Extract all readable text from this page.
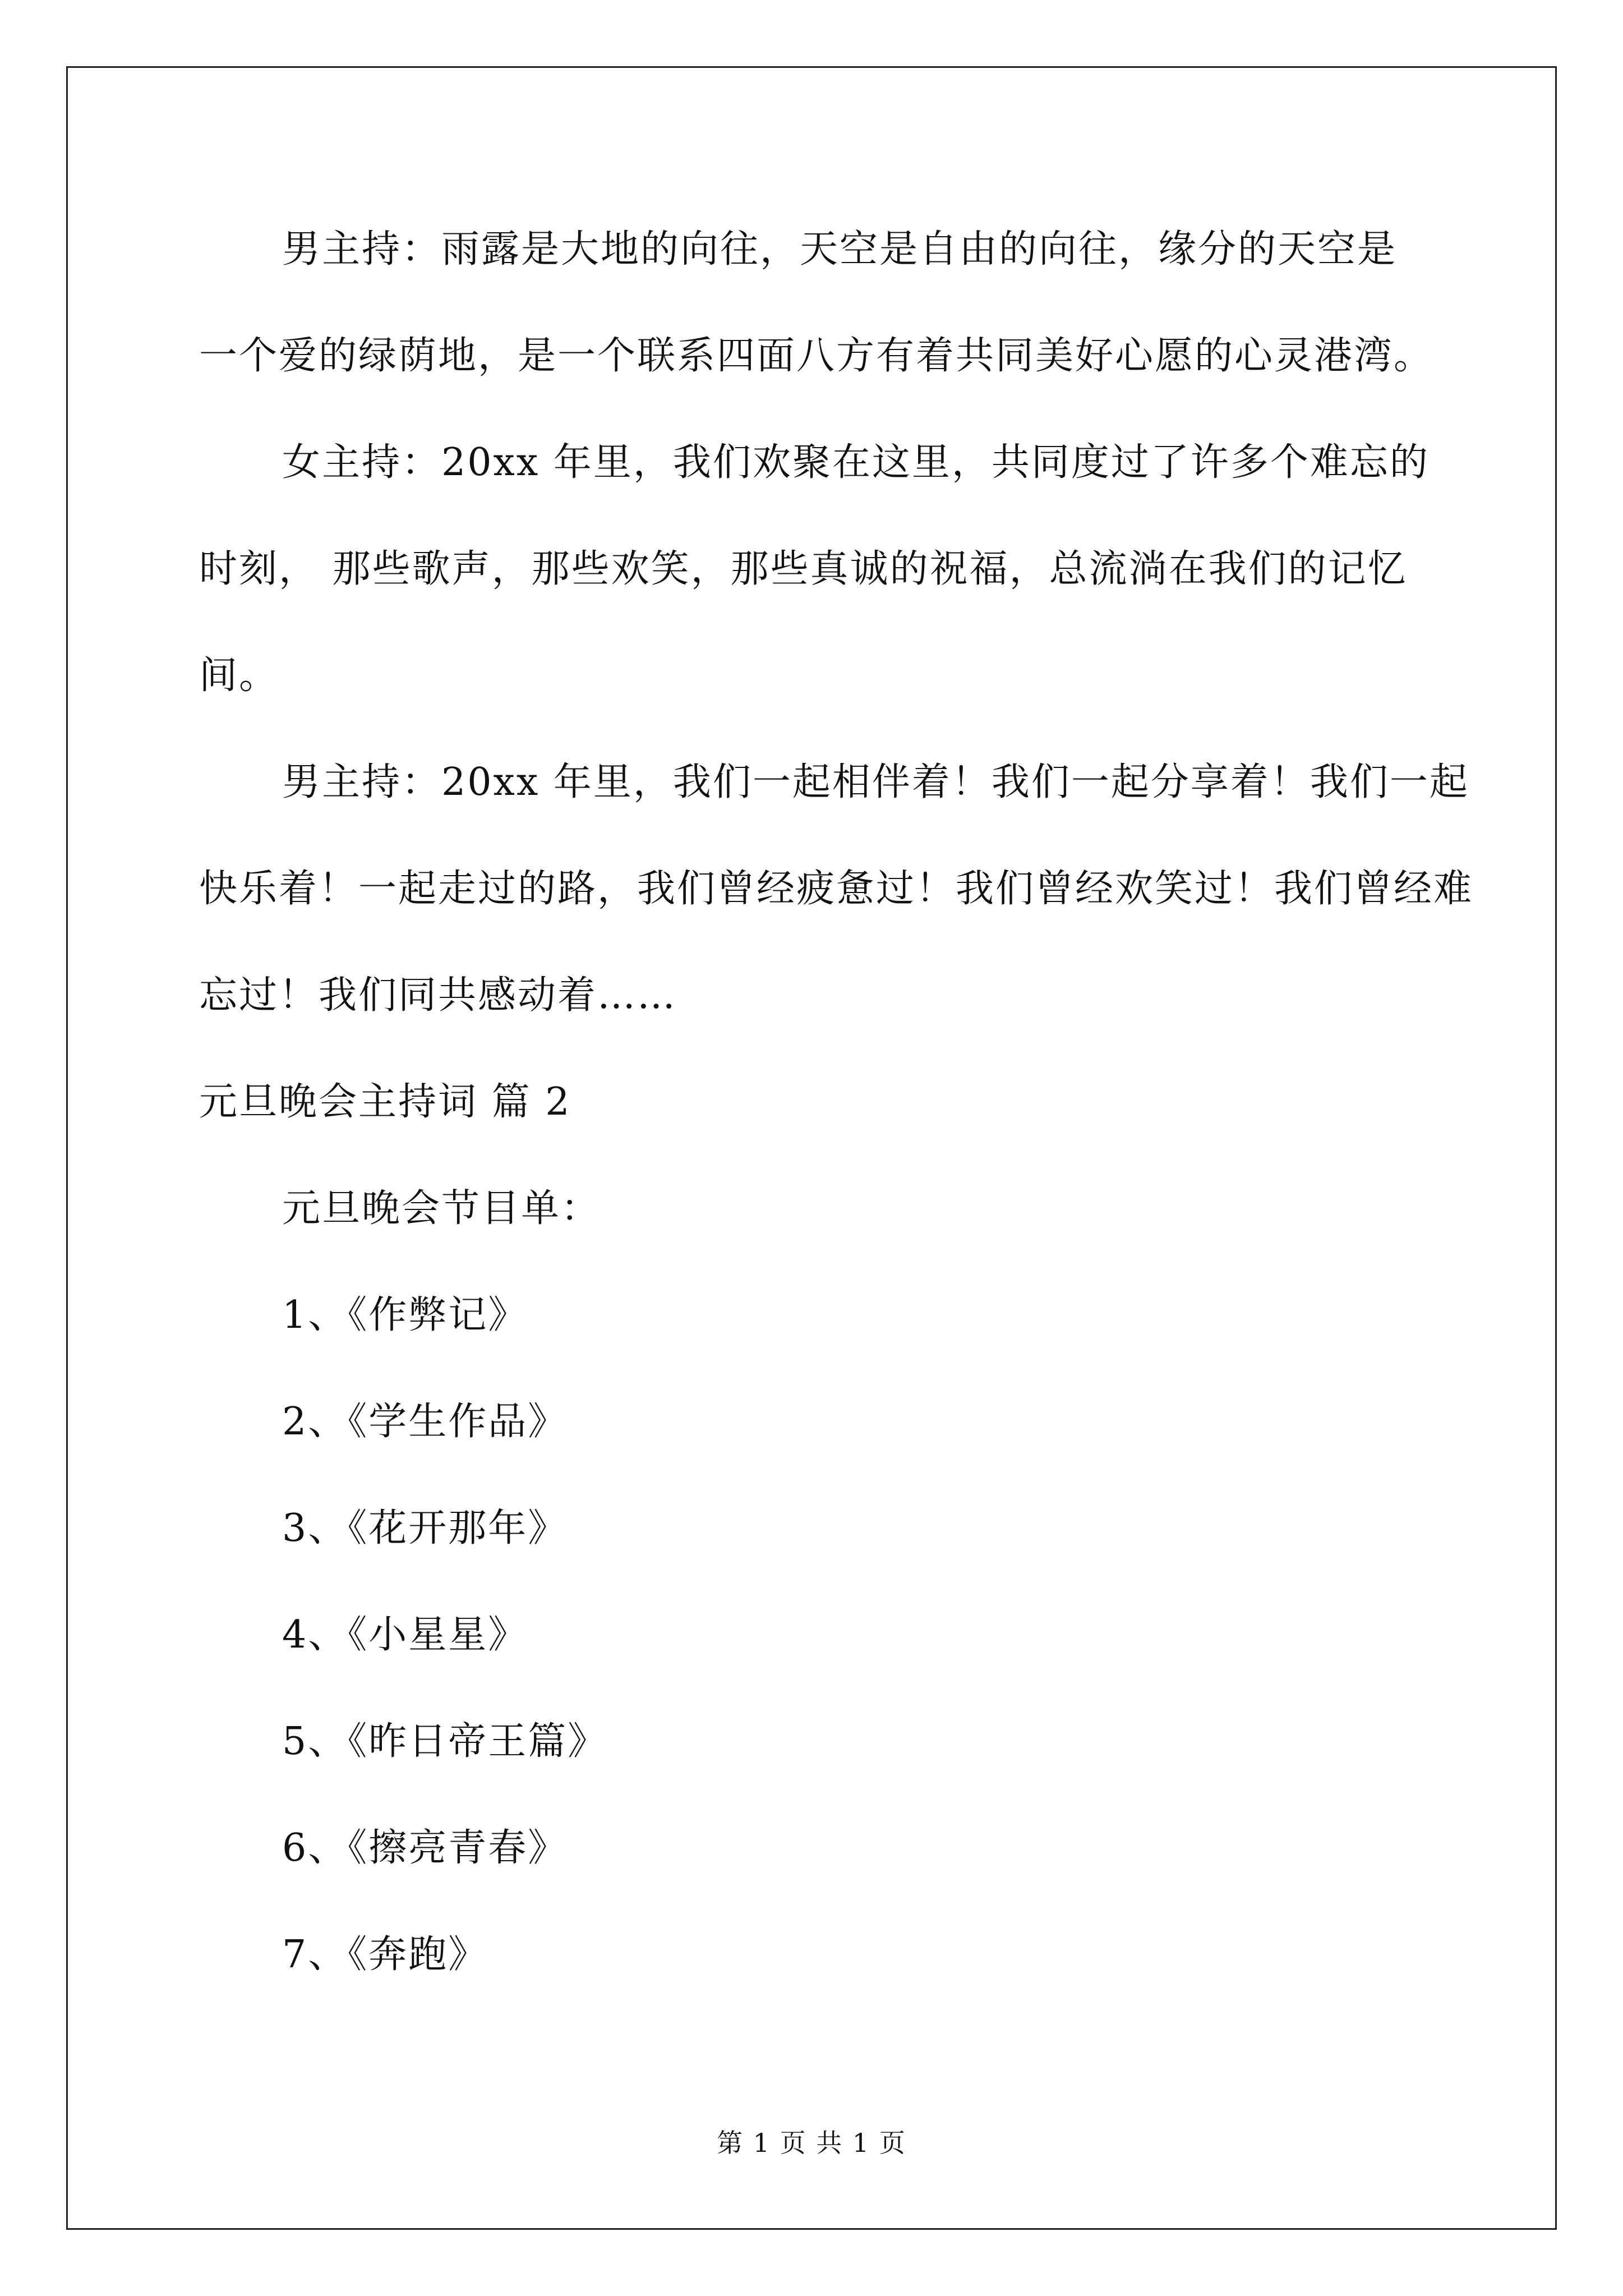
男主持：雨露是大地的向往，天空是自由的向往，缘分的天空是
一个爱的绿荫地，是一个联系四面八方有着共同美好心愿的心灵港湾。
女主持：20xx 年里，我们欢聚在这里，共同度过了许多个难忘的
时刻， 那些歌声，那些欢笑，那些真诚的祝福，总流淌在我们的记忆
间。
男主持：20xx 年里，我们一起相伴着！我们一起分享着！我们一起
快乐着！一起走过的路，我们曾经疲惫过！我们曾经欢笑过！我们曾经难
忘过！我们同共感动着……
元旦晚会主持词 篇 2
元旦晚会节目单：
1、《作弊记》
2、《学生作品》
3、《花开那年》
4、《小星星》
5、《昨日帝王篇》
6、《擦亮青春》
7、《奔跑》
第 1 页 共 1 页
